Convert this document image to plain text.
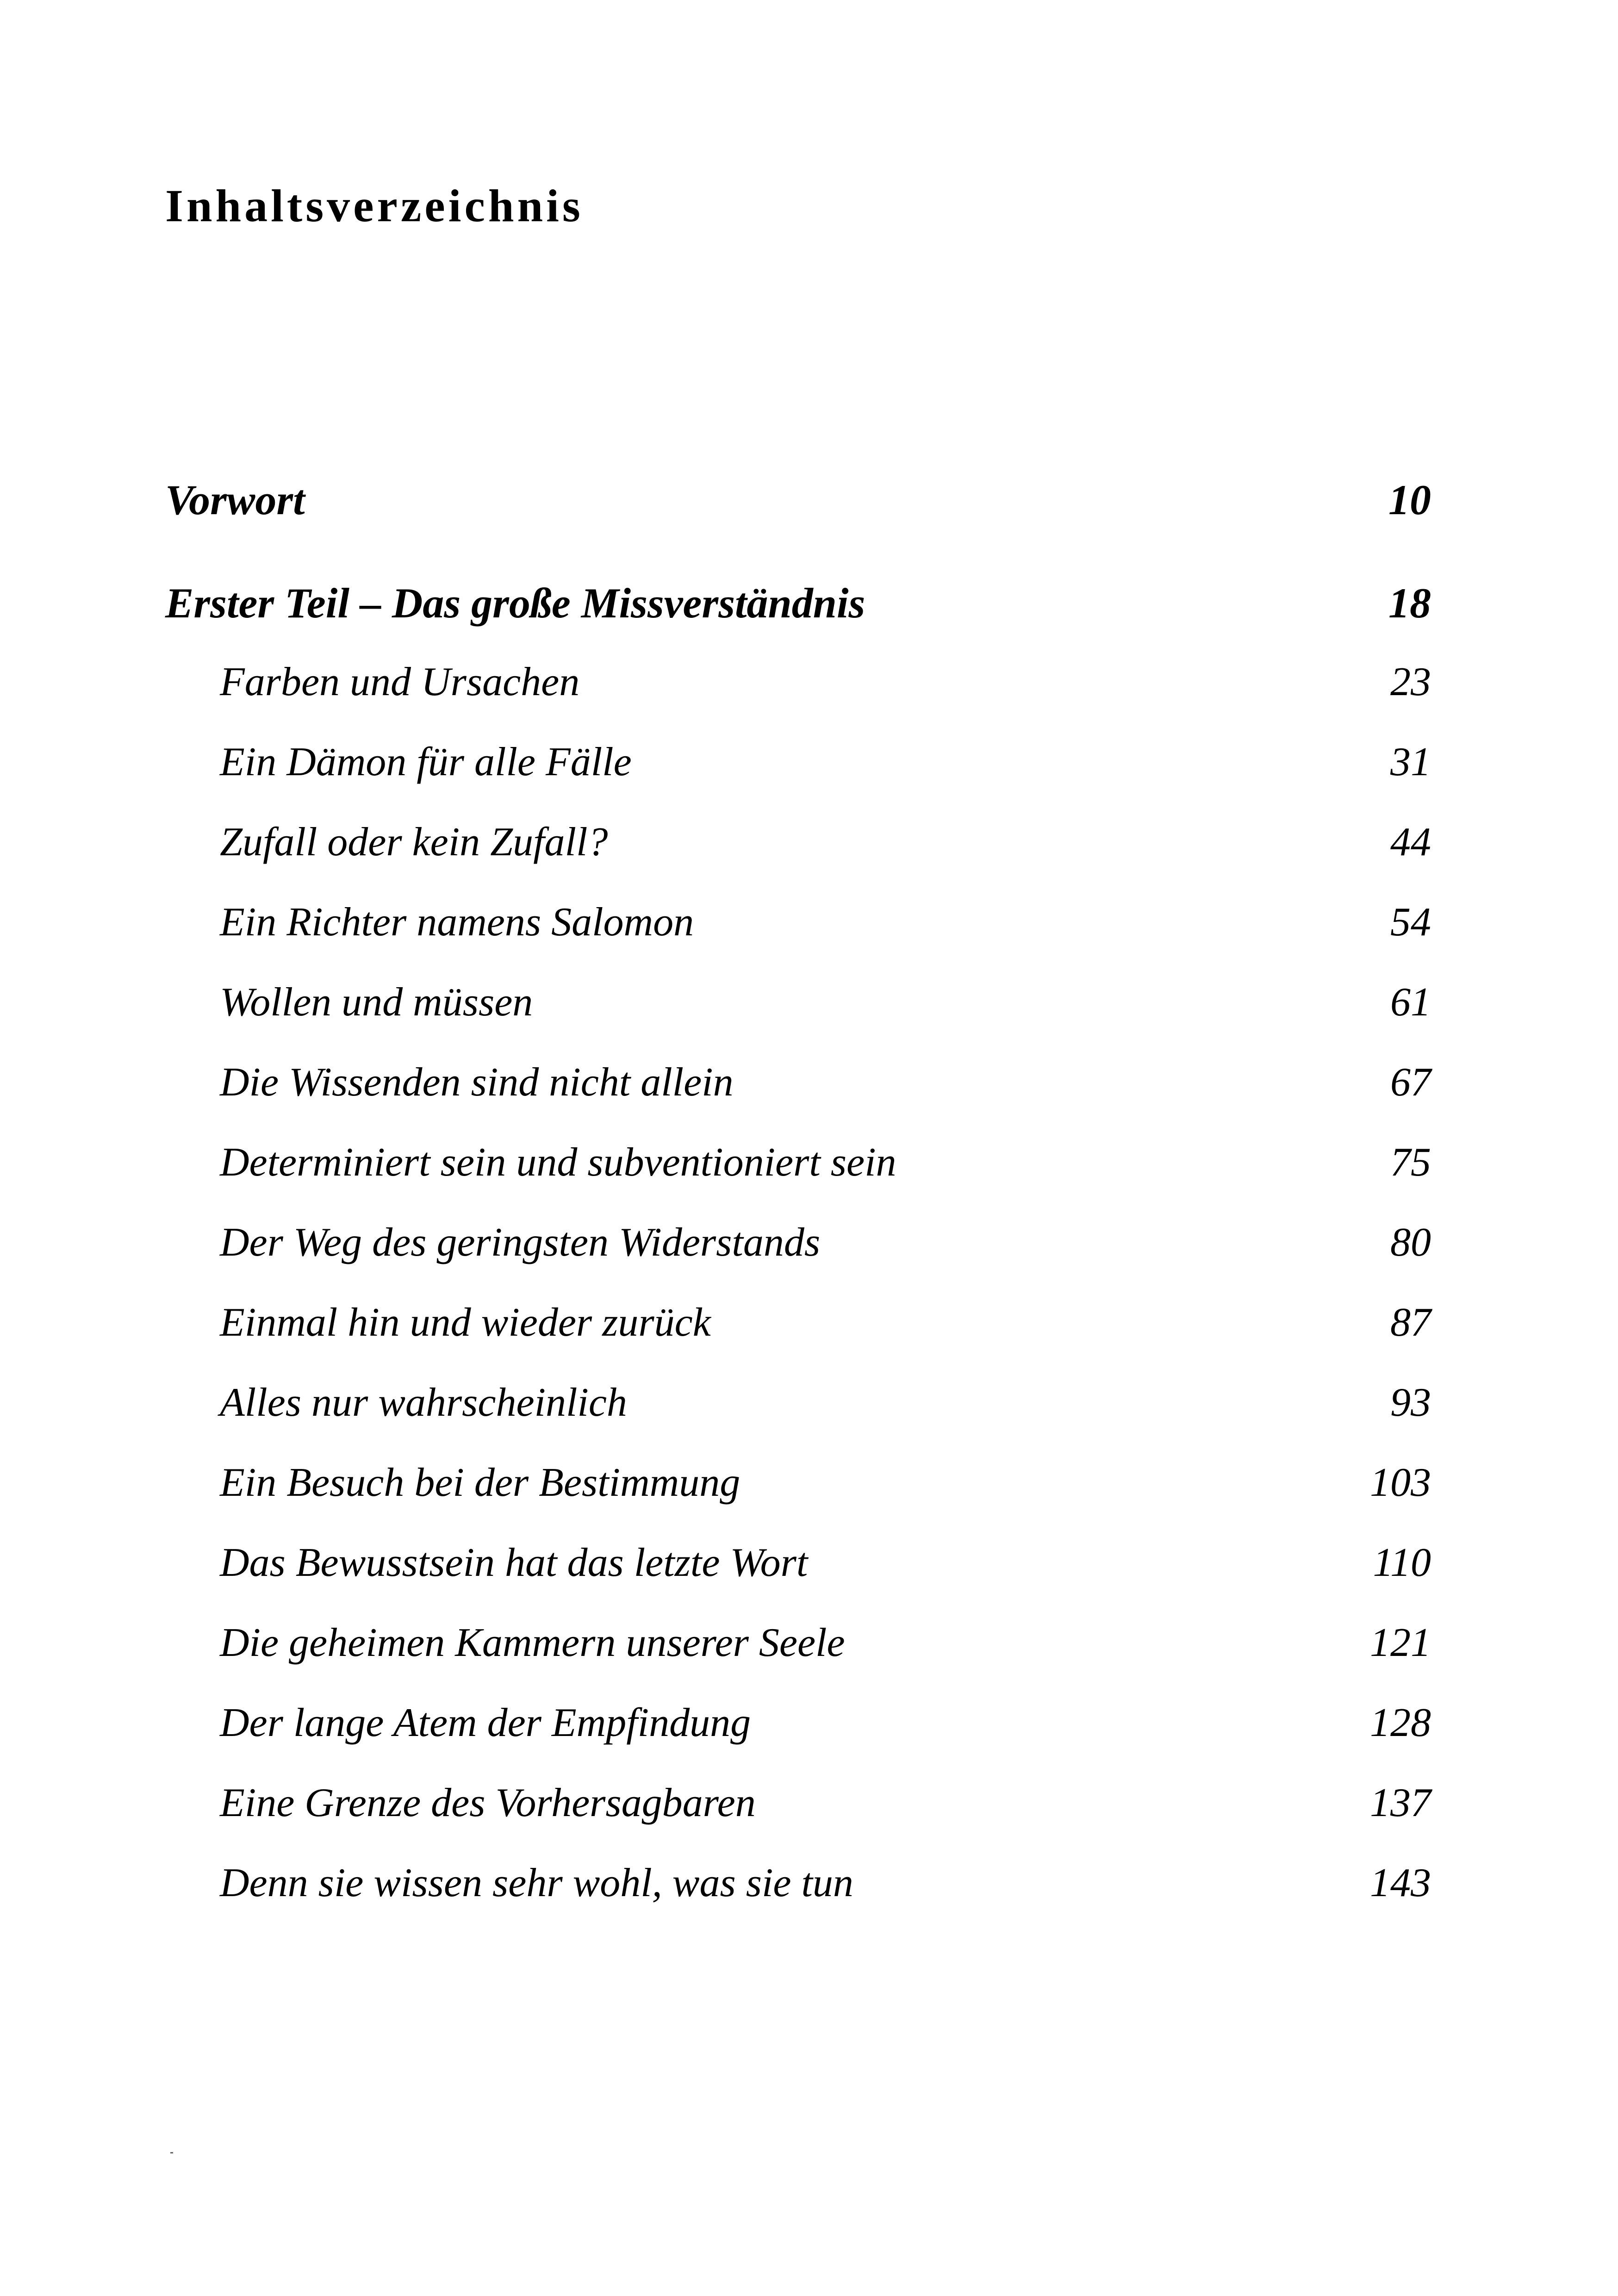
Inhaltsverzeichnis
Vorwort	10
Erster Teil – Das große Missverständnis	18
Farben und Ursachen	23
Ein Dämon für alle Fälle	31
Zufall oder kein Zufall?	44
Ein Richter namens Salomon	54
Wollen und müssen	61
Die Wissenden sind nicht allein	67
Determiniert sein und subventioniert sein	75
Der Weg des geringsten Widerstands	80
Einmal hin und wieder zurück	87
Alles nur wahrscheinlich	93
Ein Besuch bei der Bestimmung	103
Das Bewusstsein hat das letzte Wort	110
Die geheimen Kammern unserer Seele	121
Der lange Atem der Empfindung	128
Eine Grenze des Vorhersagbaren	137
Denn sie wissen sehr wohl, was sie tun	143
